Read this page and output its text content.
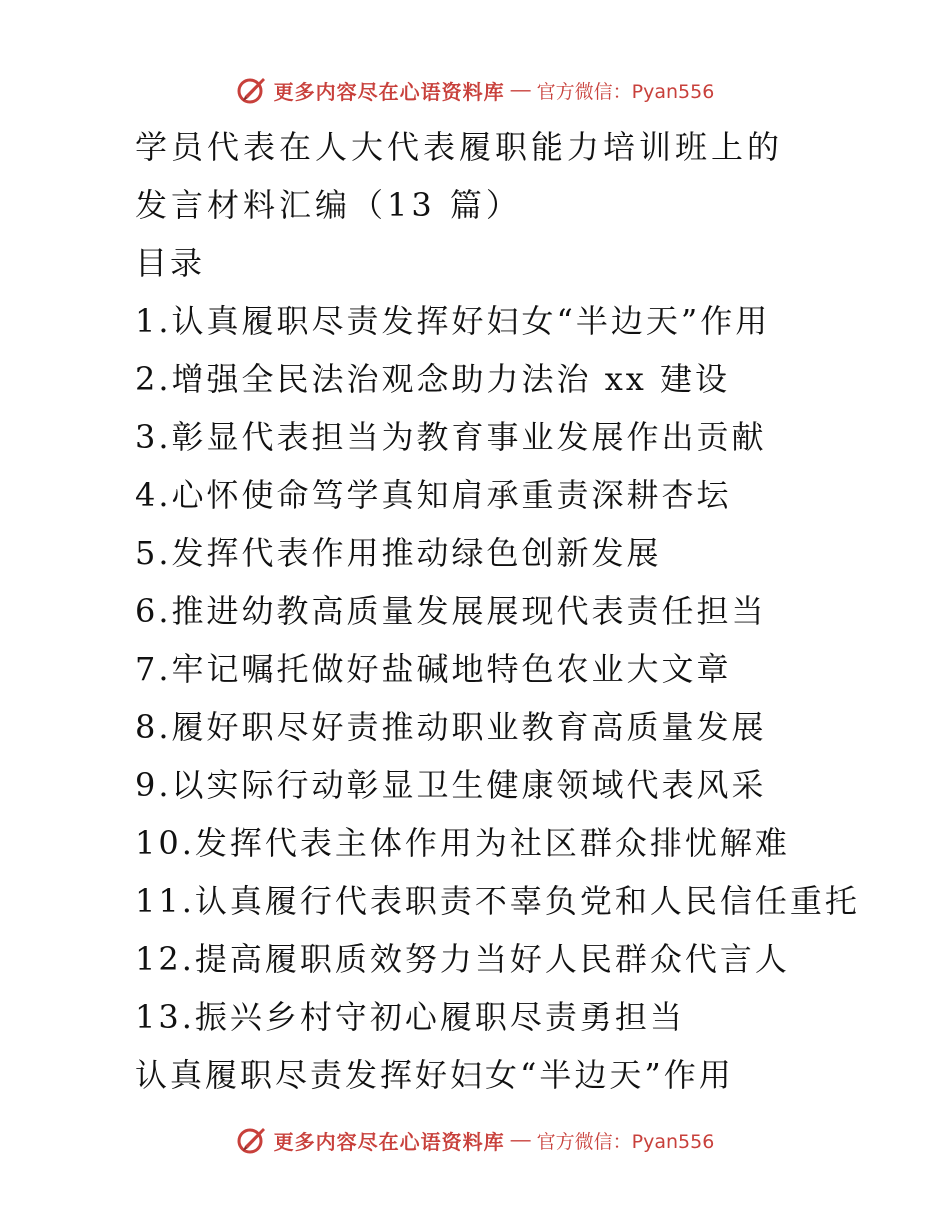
更多内容尽在心语资料库 — 官方微信：Pyan556
学员代表在人大代表履职能力培训班上的
发言材料汇编（13 篇）
目录
1.认真履职尽责发挥好妇女“半边天”作用
2.增强全民法治观念助力法治 xx 建设
3.彰显代表担当为教育事业发展作出贡献
4.心怀使命笃学真知肩承重责深耕杏坛
5.发挥代表作用推动绿色创新发展
6.推进幼教高质量发展展现代表责任担当
7.牢记嘱托做好盐碱地特色农业大文章
8.履好职尽好责推动职业教育高质量发展
9.以实际行动彰显卫生健康领域代表风采
10.发挥代表主体作用为社区群众排忧解难
11.认真履行代表职责不辜负党和人民信任重托
12.提高履职质效努力当好人民群众代言人
13.振兴乡村守初心履职尽责勇担当
认真履职尽责发挥好妇女“半边天”作用
更多内容尽在心语资料库 — 官方微信：Pyan556
